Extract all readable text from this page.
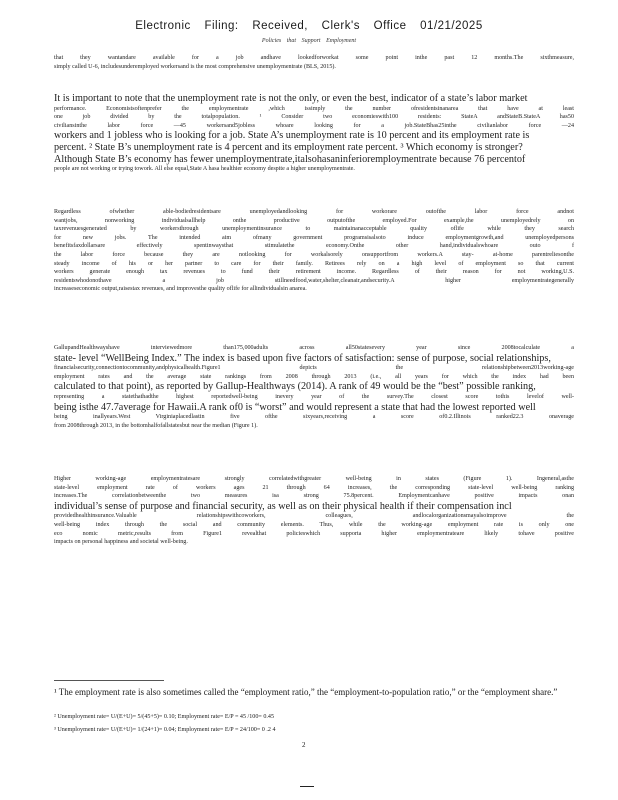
Electronic Filing: Received, Clerk's Office 01/21/2025
Policies that Support Employment
that they wantandare available for a job andhave lookedforworkat some point inthe past 12 months.The sixthmeasure,
simply called U-6, includesunderemployed workersand is the most comprehensive unemploymentrate (BLS, 2015).
It is important to note that the unemployment rate is not the only, or even the best, indicator of a state’s labor market
performance. Economistsoftenprefer the employmentrate ,which issimply the number ofresidentsinanarea that have at least
one job divided by the totalpopulation. ¹ Consider two economieswith100 residents: StateA andStateB.StateA has50
civiliansinthe labor force —45 workersand5jobless whoare looking for a job.StateBhas25inthe civilianlabor force —24
workers and 1 jobless who is looking for a job. State A’s unemployment rate is 10 percent and its employment rate is
percent. ² State B’s unemployment rate is 4 percent and its employment rate percent. ³ Which economy is stronger?
Although State B’s economy has fewer unemploymentrate,italsohasaninferioremploymentrate because 76 percentof
people are not working or trying towork. All else equal,State A hasa healthier economy despite a higher unemploymentrate.
Regardless ofwhether able-bodiedresidentsare unemployedandlooking for workorare outofthe labor force andnot
wantjobs, nonworking individualsallhelp onthe productive outputofthe employed.For example,the unemployedrely on
taxrevenuesgenerated by workersthrough unemploymentinsurance to maintainanacceptable quality oflife while they search
for new jobs. The intended aim ofmany government programsisalsoto induce employmentgrowth,and unemployedpersons
benefitsfaxdollarsare effectively spentinwaysthat stimulatethe economy.Onthe other hand,individualswhoare outo f
the labor force because they are notlooking for workalsorely onsupportfrom workers.A stay- at-home parentreliesonthe
steady income of his or her partner to care for their family. Retirees rely on a high level of employment so that current
workers generate enough tax revenues to fund their retirement income. Regardless of their reason for not working,U.S.
residentswhodonothave a job stillneedfood,water,shelter,cleanair,andsecurity.A higher employmentrategenerally
increaseseconomic output,raisestax revenues, and improvesthe quality oflife for allindividualsin anarea.
GallupandHealthwayshave interviewedmore than175,000adults across all50statesevery year since 2008tocalculate a
state- level “WellBeing Index.” The index is based upon five factors of satisfaction: sense of purpose, social relationships,
financialsecurity,connectiontocommunity,andphysicalhealth.Figure1 depicts the relationshipbetween2013working-age
employment rates and the average state rankings from 2008 through 2013 (i.e., all years for which the index had been
calculated to that point), as reported by Gallup-Healthways (2014). A rank of 49 would be the “best” possible ranking,
representing a statethathadthe highest reportedwell-being inevery year of the survey.The closest score tothis levelof well-
being isthe 47.7average for Hawaii.A rank of0 is “worst” and would represent a state that had the lowest reported well
being inallyears.West Virginiaplacedlastin five ofthe sixyears,receiving a score of0.2.Illinois ranked22.3 onaverage
from 2008through 2013, in the bottomhalfofallstatesbut near the median (Figure 1).
Higher working-age employmentratesare strongly correlatedwithgreater well-being in states (Figure 1). Ingeneral,asthe
state-level employment rate of workers ages 21 through 64 increases, the corresponding state-level well-being ranking
increases.The correlationbetweenthe two measures isa strong 75.8percent. Employmentcanhave positive impacts onan
individual’s sense of purpose and financial security, as well as on their physical health if their compensation incl
providedhealthinsurance.Valuable relationshipswithcoworkers, colleagues, andlocalorganizationsmayalsoimprove the
well-being index through the social and community elements. Thus, while the working-age employment rate is only one
eco nomic metric,results from Figure1 revealthat policieswhich supporta higher employmentrateare likely tohave positive
impacts on personal happiness and societal well-being.
¹ The employment rate is also sometimes called the “employment ratio,” the “employment-to-population ratio,” or the “employment share.”
² Unemployment rate= U/(E+U)= 5/(45+5)= 0.10; Employment rate= E/P = 45 /100= 0.45
³ Unemployment rate= U/(E+U)= 1/(24+1)= 0.04; Employment rate= E/P = 24/100= 0 .2 4
2
